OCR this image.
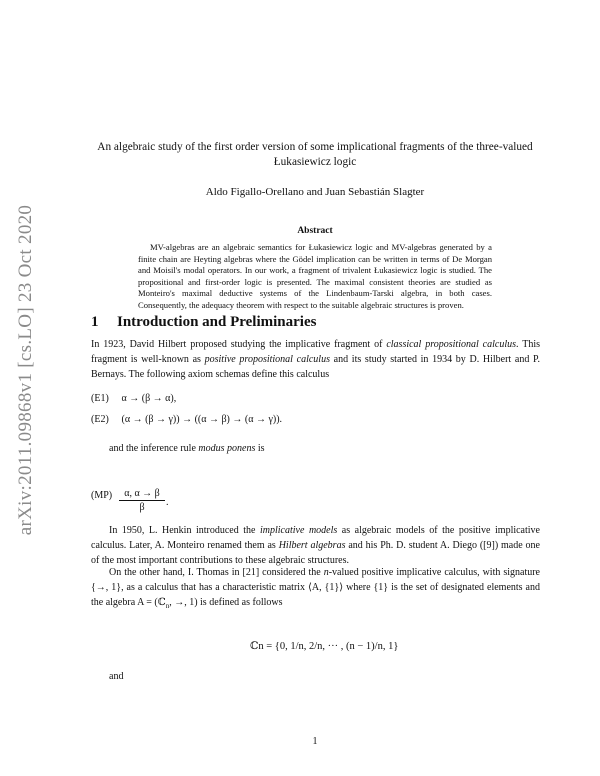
arXiv:2011.09868v1 [cs.LO] 23 Oct 2020
An algebraic study of the first order version of some implicational fragments of the three-valued Łukasiewicz logic
Aldo Figallo-Orellano and Juan Sebastián Slagter
Abstract
MV-algebras are an algebraic semantics for Łukasiewicz logic and MV-algebras generated by a finite chain are Heyting algebras where the Gödel implication can be written in terms of De Morgan and Moisil's modal operators. In our work, a fragment of trivalent Łukasiewicz logic is studied. The propositional and first-order logic is presented. The maximal consistent theories are studied as Monteiro's maximal deductive systems of the Lindenbaum-Tarski algebra, in both cases. Consequently, the adequacy theorem with respect to the suitable algebraic structures is proven.
1 Introduction and Preliminaries
In 1923, David Hilbert proposed studying the implicative fragment of classical propositional calculus. This fragment is well-known as positive propositional calculus and its study started in 1934 by D. Hilbert and P. Bernays. The following axiom schemas define this calculus
(E1) α → (β → α),
(E2) (α → (β → γ)) → ((α → β) → (α → γ)).
and the inference rule modus ponens is
$(MP) \frac{\alpha, \alpha \to \beta}{\beta}$ .
In 1950, L. Henkin introduced the implicative models as algebraic models of the positive implicative calculus. Later, A. Monteiro renamed them as Hilbert algebras and his Ph. D. student A. Diego ([9]) made one of the most important contributions to these algebraic structures.
On the other hand, I. Thomas in [21] considered the n-valued positive implicative calculus, with signature {→, 1}, as a calculus that has a characteristic matrix ⟨A, {1}⟩ where {1} is the set of designated elements and the algebra A = (ℂ$_n$, →, 1) is defined as follows
ℂn = {0, 1/n, 2/n, ··· , (n − 1)/n, 1}
and
1
